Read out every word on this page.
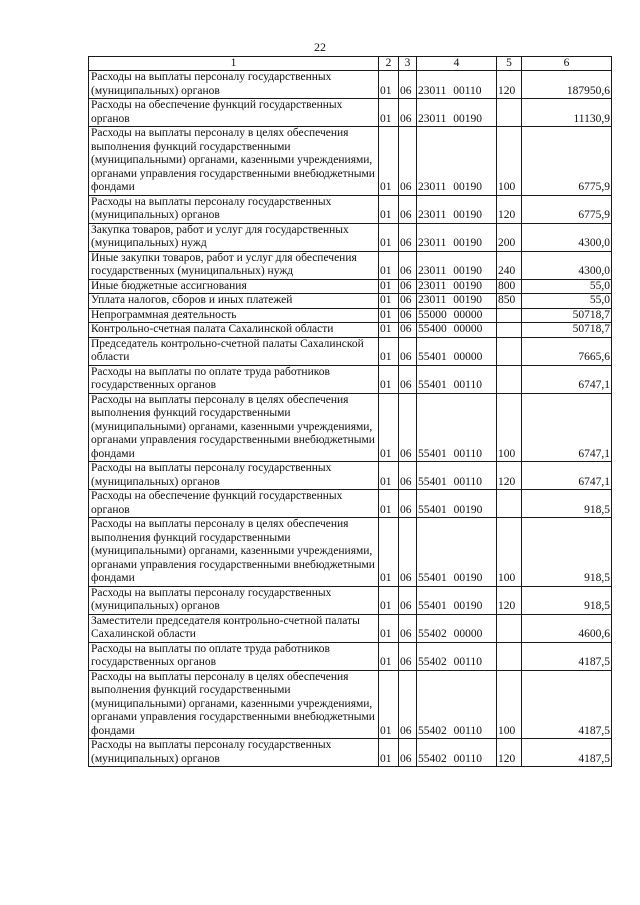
22
1	2	3	4	5	6
Расходы на выплаты персоналу государственных (муниципальных) органов	01	06	23011 00110	120	187950,6
Расходы на обеспечение функций государственных органов	01	06	23011 00190		11130,9
Расходы на выплаты персоналу в целях обеспечения выполнения функций государственными (муниципальными) органами, казенными учреждениями, органами управления государственными внебюджетными фондами	01	06	23011 00190	100	6775,9
Расходы на выплаты персоналу государственных (муниципальных) органов	01	06	23011 00190	120	6775,9
Закупка товаров, работ и услуг для государственных (муниципальных) нужд	01	06	23011 00190	200	4300,0
Иные закупки товаров, работ и услуг для обеспечения государственных (муниципальных) нужд	01	06	23011 00190	240	4300,0
Иные бюджетные ассигнования	01	06	23011 00190	800	55,0
Уплата налогов, сборов и иных платежей	01	06	23011 00190	850	55,0
Непрограммная деятельность	01	06	55000 00000		50718,7
Контрольно-счетная палата Сахалинской области	01	06	55400 00000		50718,7
Председатель контрольно-счетной палаты Сахалинской области	01	06	55401 00000		7665,6
Расходы на выплаты по оплате труда работников государственных органов	01	06	55401 00110		6747,1
Расходы на выплаты персоналу в целях обеспечения выполнения функций государственными (муниципальными) органами, казенными учреждениями, органами управления государственными внебюджетными фондами	01	06	55401 00110	100	6747,1
Расходы на выплаты персоналу государственных (муниципальных) органов	01	06	55401 00110	120	6747,1
Расходы на обеспечение функций государственных органов	01	06	55401 00190		918,5
Расходы на выплаты персоналу в целях обеспечения выполнения функций государственными (муниципальными) органами, казенными учреждениями, органами управления государственными внебюджетными фондами	01	06	55401 00190	100	918,5
Расходы на выплаты персоналу государственных (муниципальных) органов	01	06	55401 00190	120	918,5
Заместители председателя контрольно-счетной палаты Сахалинской области	01	06	55402 00000		4600,6
Расходы на выплаты по оплате труда работников государственных органов	01	06	55402 00110		4187,5
Расходы на выплаты персоналу в целях обеспечения выполнения функций государственными (муниципальными) органами, казенными учреждениями, органами управления государственными внебюджетными фондами	01	06	55402 00110	100	4187,5
Расходы на выплаты персоналу государственных (муниципальных) органов	01	06	55402 00110	120	4187,5
